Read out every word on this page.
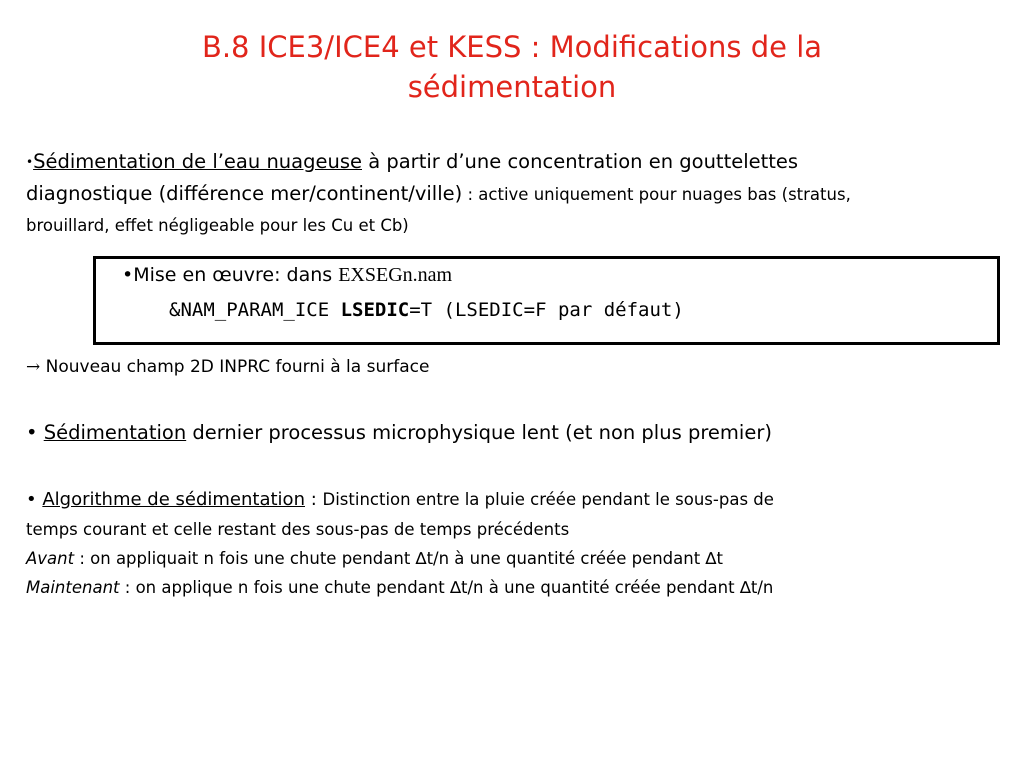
B.8 ICE3/ICE4 et KESS : Modifications de la
sédimentation
•Sédimentation de l’eau nuageuse à partir d’une concentration en gouttelettes
diagnostique (différence mer/continent/ville) : active uniquement pour nuages bas (stratus,
brouillard, effet négligeable pour les Cu et Cb)
•Mise en œuvre: dans EXSEGn.nam
&NAM_PARAM_ICE LSEDIC=T (LSEDIC=F par défaut)
→ Nouveau champ 2D INPRC fourni à la surface
• Sédimentation dernier processus microphysique lent (et non plus premier)
• Algorithme de sédimentation : Distinction entre la pluie créée pendant le sous-pas de
temps courant et celle restant des sous-pas de temps précédents
Avant : on appliquait n fois une chute pendant ∆t/n à une quantité créée pendant ∆t
Maintenant : on applique n fois une chute pendant ∆t/n à une quantité créée pendant ∆t/n
